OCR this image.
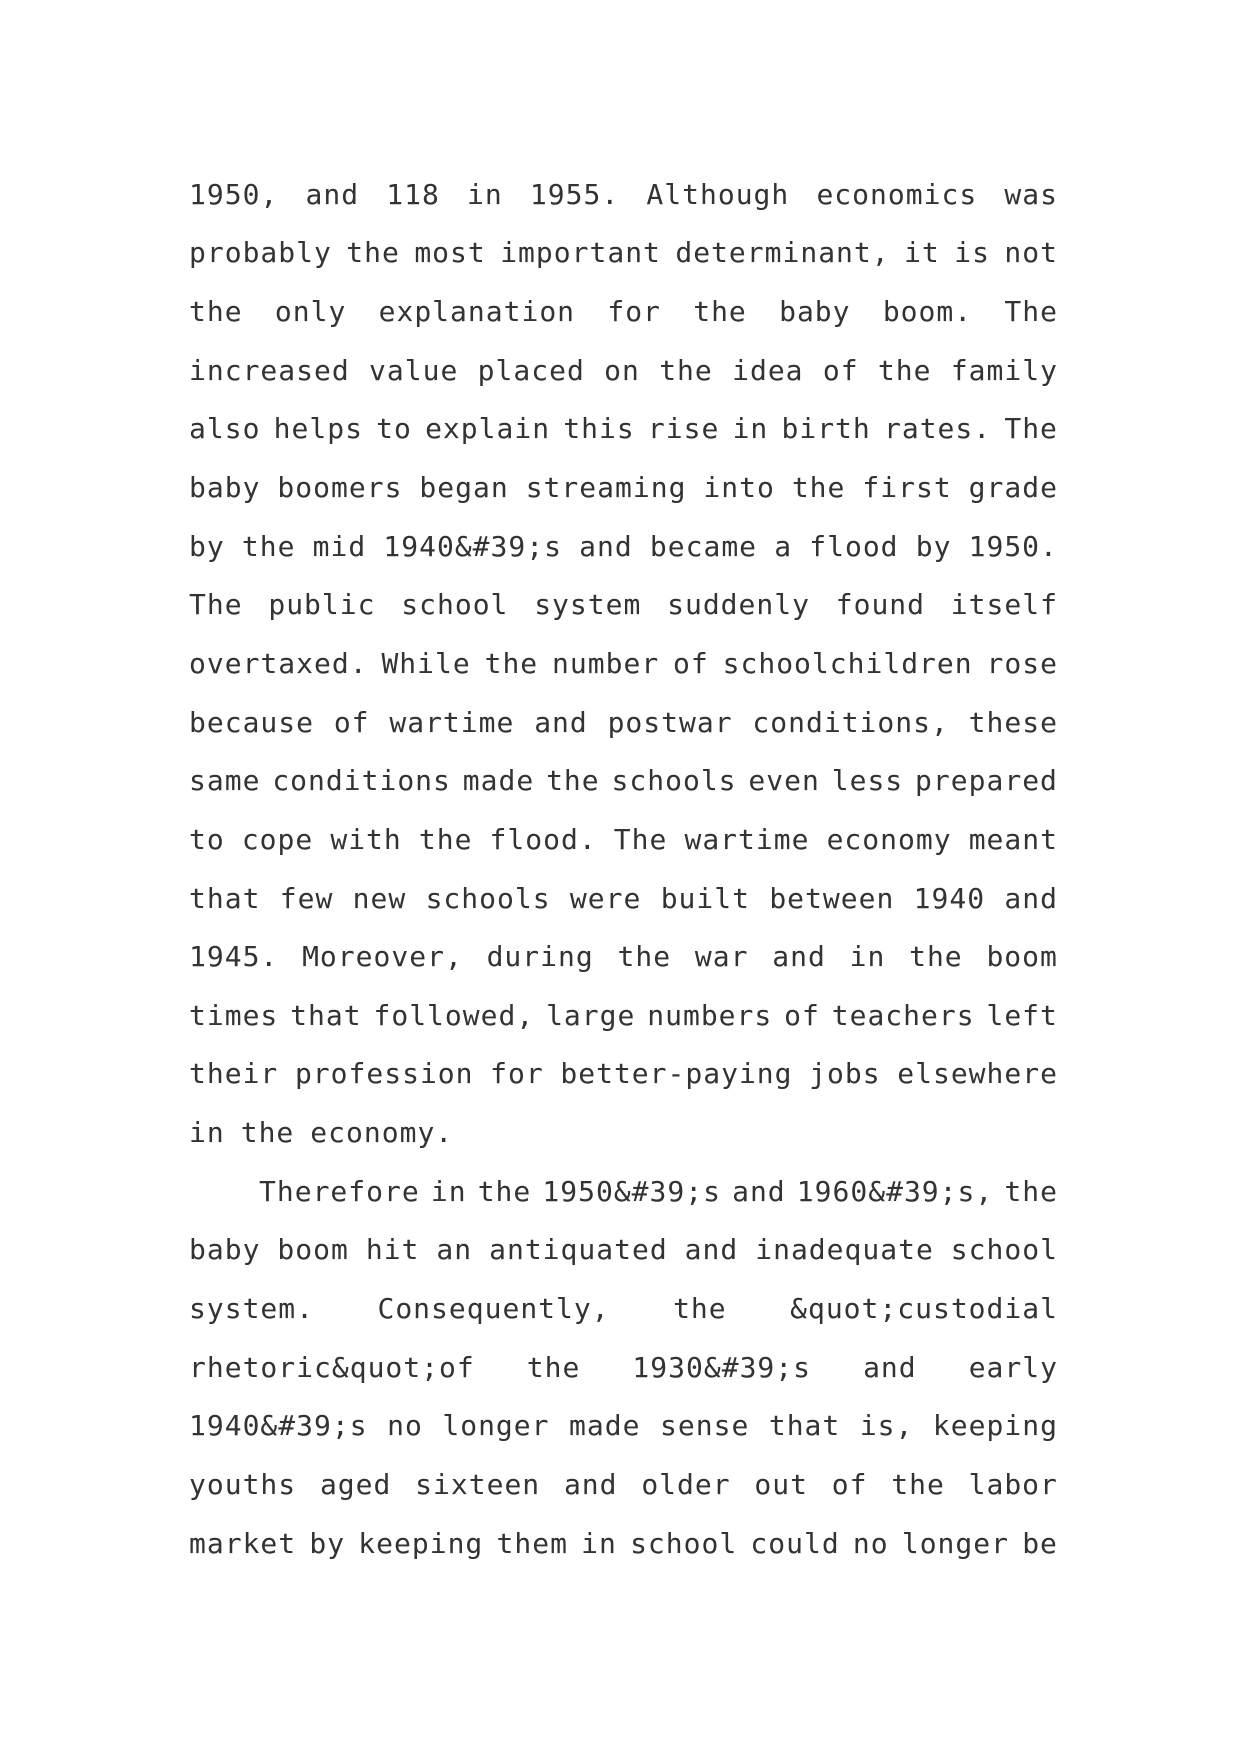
1950, and 118 in 1955. Although economics was
probably the most important determinant, it is not
the only explanation for the baby boom. The
increased value placed on the idea of the family
also helps to explain this rise in birth rates. The
baby boomers began streaming into the first grade
by the mid 1940&#39;s and became a flood by 1950.
The public school system suddenly found itself
overtaxed. While the number of schoolchildren rose
because of wartime and postwar conditions, these
same conditions made the schools even less prepared
to cope with the flood. The wartime economy meant
that few new schools were built between 1940 and
1945. Moreover, during the war and in the boom
times that followed, large numbers of teachers left
their profession for better-paying jobs elsewhere
in the economy.
Therefore in the 1950&#39;s and 1960&#39;s, the
baby boom hit an antiquated and inadequate school
system. Consequently, the &quot;custodial
rhetoric&quot;of the 1930&#39;s and early
1940&#39;s no longer made sense that is, keeping
youths aged sixteen and older out of the labor
market by keeping them in school could no longer be
